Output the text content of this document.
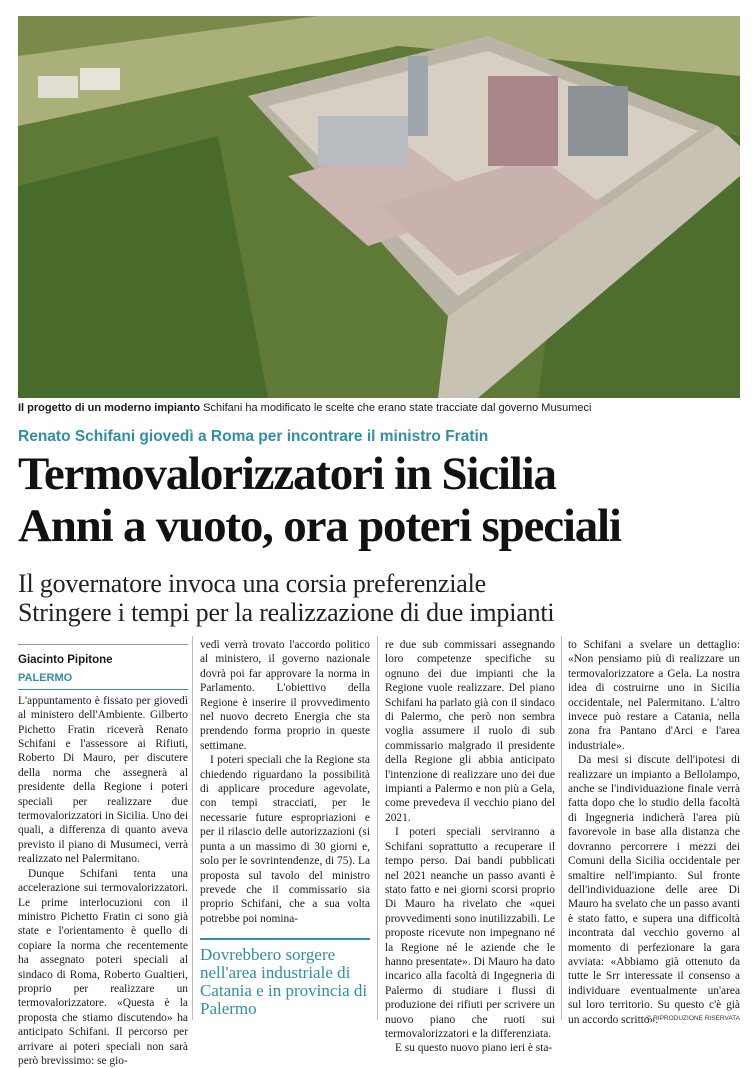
Il progetto di un moderno impianto Schifani ha modificato le scelte che erano state tracciate dal governo Musumeci
Renato Schifani giovedì a Roma per incontrare il ministro Fratin
Termovalorizzatori in Sicilia
Anni a vuoto, ora poteri speciali
Il governatore invoca una corsia preferenziale
Stringere i tempi per la realizzazione di due impianti
Giacinto Pipitone
PALERMO

L'appuntamento è fissato per giovedì al ministero dell'Ambiente. Gilberto Pichetto Fratin riceverà Renato Schifani e l'assessore ai Rifiuti, Roberto Di Mauro, per discutere della norma che assegnerà al presidente della Regione i poteri speciali per realizzare due termovalorizzatori in Sicilia. Uno dei quali, a differenza di quanto aveva previsto il piano di Musumeci, verrà realizzato nel Palermitano.

Dunque Schifani tenta una accelerazione sui termovalorizzatori. Le prime interlocuzioni con il ministro Pichetto Fratin ci sono già state e l'orientamento è quello di copiare la norma che recentemente ha assegnato poteri speciali al sindaco di Roma, Roberto Gualtieri, proprio per realizzare un termovalorizzatore. «Questa è la proposta che stiamo discutendo» ha anticipato Schifani. Il percorso per arrivare ai poteri speciali non sarà però brevissimo: se gio-

vedì verrà trovato l'accordo politico al ministero, il governo nazionale dovrà poi far approvare la norma in Parlamento. L'obiettivo della Regione è inserire il provvedimento nel nuovo decreto Energia che sta prendendo forma proprio in queste settimane.

I poteri speciali che la Regione sta chiedendo riguardano la possibilità di applicare procedure agevolate, con tempi stracciati, per le necessarie future espropriazioni e per il rilascio delle autorizzazioni (si punta a un massimo di 30 giorni e, solo per le sovrintendenze, di 75). La proposta sul tavolo del ministro prevede che il commissario sia proprio Schifani, che a sua volta potrebbe poi nomina-

Dovrebbero sorgere nell'area industriale di Catania e in provincia di Palermo

re due sub commissari assegnando loro competenze specifiche su ognuno dei due impianti che la Regione vuole realizzare. Del piano Schifani ha parlato già con il sindaco di Palermo, che però non sembra voglia assumere il ruolo di sub commissario malgrado il presidente della Regione gli abbia anticipato l'intenzione di realizzare uno dei due impianti a Palermo e non più a Gela, come prevedeva il vecchio piano del 2021.

I poteri speciali serviranno a Schifani soprattutto a recuperare il tempo perso. Dai bandi pubblicati nel 2021 neanche un passo avanti è stato fatto e nei giorni scorsi proprio Di Mauro ha rivelato che «quei provvedimenti sono inutilizzabili. Le proposte ricevute non impegnano né la Regione né le aziende che le hanno presentate». Di Mauro ha dato incarico alla facoltà di Ingegneria di Palermo di studiare i flussi di produzione dei rifiuti per scrivere un nuovo piano che ruoti sui termovalorizzatori e la differenziata.

E su questo nuovo piano ieri è sta-

to Schifani a svelare un dettaglio: «Non pensiamo più di realizzare un termovalorizzatore a Gela. La nostra idea di costruirne uno in Sicilia occidentale, nel Palermitano. L'altro invece può restare a Catania, nella zona fra Pantano d'Arci e l'area industriale».

Da mesi si discute dell'ipotesi di realizzare un impianto a Bellolampo, anche se l'individuazione finale verrà fatta dopo che lo studio della facoltà di Ingegneria indicherà l'area più favorevole in base alla distanza che dovranno percorrere i mezzi dei Comuni della Sicilia occidentale per smaltire nell'impianto. Sul fronte dell'individuazione delle aree Di Mauro ha svelato che un passo avanti è stato fatto, e supera una difficoltà incontrata dal vecchio governo al momento di perfezionare la gara avviata: «Abbiamo già ottenuto da tutte le Srr interessate il consenso a individuare eventualmente un'area sul loro territorio. Su questo c'è già un accordo scritto».

© RIPRODUZIONE RISERVATA
